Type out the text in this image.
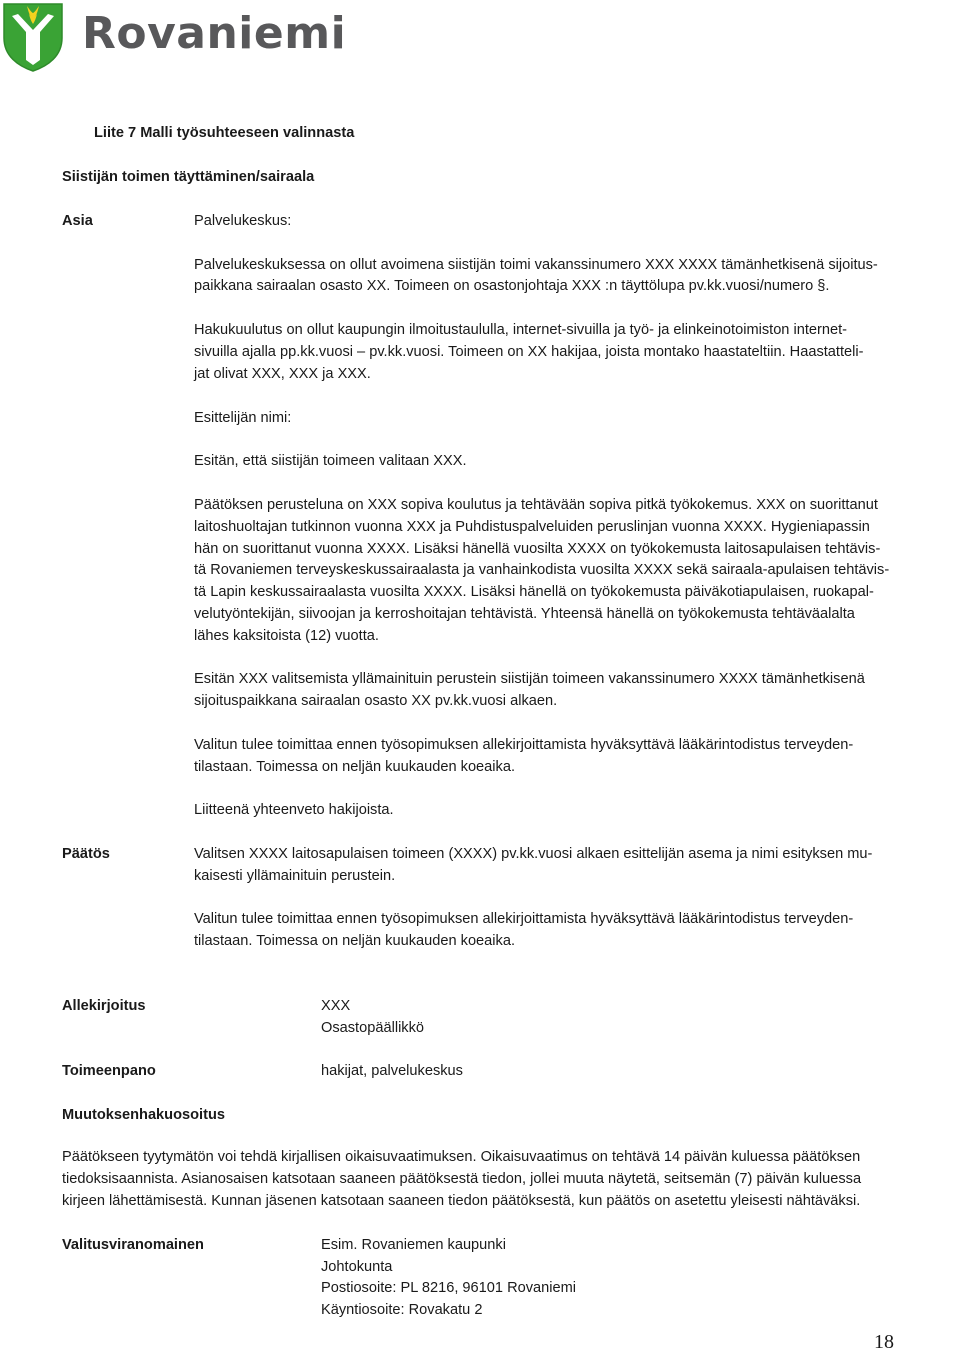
Rovaniemi
Liite 7 Malli työsuhteeseen valinnasta
Siistijän toimen täyttäminen/sairaala
Asia	Palvelukeskus:
Palvelukeskuksessa on ollut avoimena siistijän toimi vakanssinumero XXX XXXX tämänhetkisenä sijoitus-
paikkana sairaalan osasto XX. Toimeen on osastonjohtaja XXX :n täyttölupa pv.kk.vuosi/numero §.
Hakukuulutus on ollut kaupungin ilmoitustaululla, internet-sivuilla ja työ- ja elinkeinotoimiston internet-
sivuilla ajalla pp.kk.vuosi – pv.kk.vuosi. Toimeen on XX hakijaa, joista montako haastateltiin. Haastatteli-
jat olivat XXX, XXX ja XXX.
Esittelijän nimi:
Esitän, että siistijän toimeen valitaan XXX.
Päätöksen perusteluna on XXX sopiva koulutus ja tehtävään sopiva pitkä työkokemus. XXX on suorittanut
laitoshuoltajan tutkinnon vuonna XXX ja Puhdistuspalveluiden peruslinjan vuonna XXXX. Hygieniapassin
hän on suorittanut vuonna XXXX. Lisäksi hänellä vuosilta XXXX on työkokemusta laitosapulaisen tehtävis-
tä Rovaniemen terveyskeskussairaalasta ja vanhainkodista vuosilta XXXX sekä sairaala-apulaisen tehtävis-
tä Lapin keskussairaalasta vuosilta XXXX. Lisäksi hänellä on työkokemusta päiväkotiapulaisen, ruokapal-
velutyöntekijän, siivoojan ja kerroshoitajan tehtävistä. Yhteensä hänellä on työkokemusta tehtäväalalta
lähes kaksitoista (12) vuotta.
Esitän XXX valitsemista yllämainituin perustein siistijän toimeen vakanssinumero XXXX tämänhetkisenä
sijoituspaikkana sairaalan osasto XX pv.kk.vuosi alkaen.
Valitun tulee toimittaa ennen työsopimuksen allekirjoittamista hyväksyttävä lääkärintodistus terveyden-
tilastaan. Toimessa on neljän kuukauden koeaika.
Liitteenä yhteenveto hakijoista.
Päätös	Valitsen XXXX laitosapulaisen toimeen (XXXX) pv.kk.vuosi alkaen esittelijän asema ja nimi esityksen mu-
kaisesti yllämainituin perustein.
Valitun tulee toimittaa ennen työsopimuksen allekirjoittamista hyväksyttävä lääkärintodistus terveyden-
tilastaan. Toimessa on neljän kuukauden koeaika.
Allekirjoitus	XXX
Osastopäällikkö
Toimeenpano	hakijat, palvelukeskus
Muutoksenhakuosoitus
Päätökseen tyytymätön voi tehdä kirjallisen oikaisuvaatimuksen. Oikaisuvaatimus on tehtävä 14 päivän kuluessa päätöksen
tiedoksisaannista. Asianosaisen katsotaan saaneen päätöksestä tiedon, jollei muuta näytetä, seitsemän (7) päivän kuluessa
kirjeen lähettämisestä. Kunnan jäsenen katsotaan saaneen tiedon päätöksestä, kun päätös on asetettu yleisesti nähtäväksi.
Valitusviranomainen	Esim. Rovaniemen kaupunki
Johtokunta
Postiosoite: PL 8216, 96101 Rovaniemi
Käyntiosoite: Rovakatu 2
18
